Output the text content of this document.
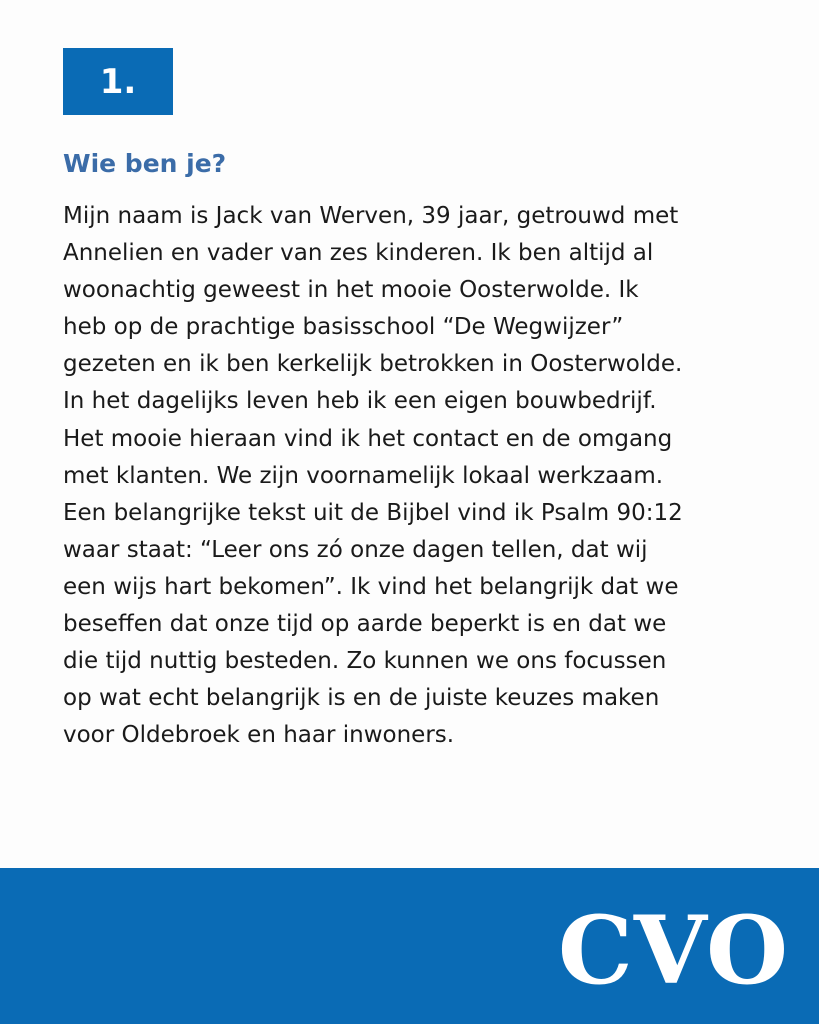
1.
Wie ben je?
Mijn naam is Jack van Werven, 39 jaar, getrouwd met
Annelien en vader van zes kinderen. Ik ben altijd al
woonachtig geweest in het mooie Oosterwolde. Ik
heb op de prachtige basisschool “De Wegwijzer”
gezeten en ik ben kerkelijk betrokken in Oosterwolde.
In het dagelijks leven heb ik een eigen bouwbedrijf.
Het mooie hieraan vind ik het contact en de omgang
met klanten. We zijn voornamelijk lokaal werkzaam.
Een belangrijke tekst uit de Bijbel vind ik Psalm 90:12
waar staat: “Leer ons zó onze dagen tellen, dat wij
een wijs hart bekomen”. Ik vind het belangrijk dat we
beseffen dat onze tijd op aarde beperkt is en dat we
die tijd nuttig besteden. Zo kunnen we ons focussen
op wat echt belangrijk is en de juiste keuzes maken
voor Oldebroek en haar inwoners.
CVO
